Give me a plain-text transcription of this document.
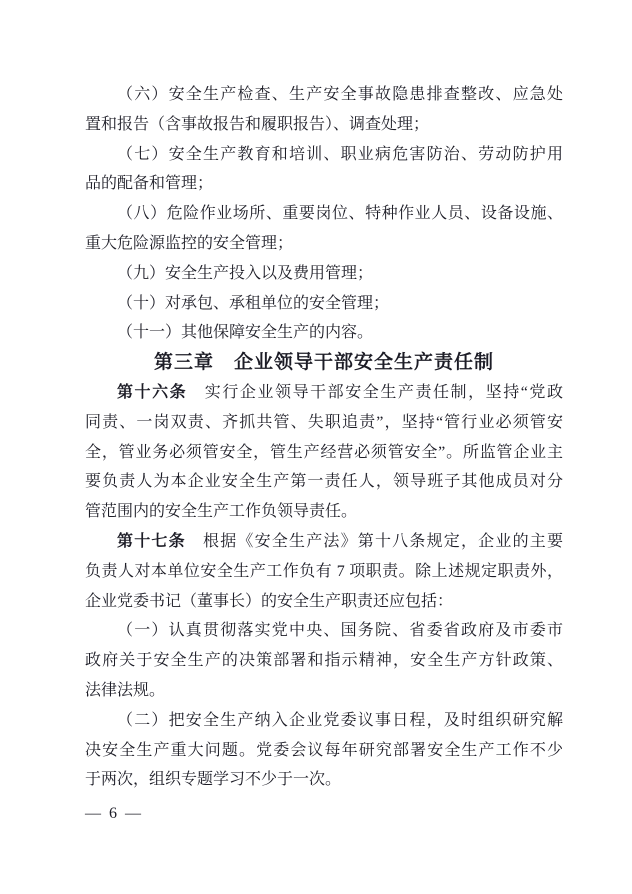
（六）安全生产检查、生产安全事故隐患排查整改、应急处
置和报告（含事故报告和履职报告）、调查处理；
（七）安全生产教育和培训、职业病危害防治、劳动防护用
品的配备和管理；
（八）危险作业场所、重要岗位、特种作业人员、设备设施、
重大危险源监控的安全管理；
（九）安全生产投入以及费用管理；
（十）对承包、承租单位的安全管理；
（十一）其他保障安全生产的内容。
第三章　企业领导干部安全生产责任制
第十六条　实行企业领导干部安全生产责任制，坚持“党政
同责、一岗双责、齐抓共管、失职追责”，坚持“管行业必须管安
全，管业务必须管安全，管生产经营必须管安全”。所监管企业主
要负责人为本企业安全生产第一责任人，领导班子其他成员对分
管范围内的安全生产工作负领导责任。
第十七条　根据《安全生产法》第十八条规定，企业的主要
负责人对本单位安全生产工作负有 7 项职责。除上述规定职责外，
企业党委书记（董事长）的安全生产职责还应包括：
（一）认真贯彻落实党中央、国务院、省委省政府及市委市
政府关于安全生产的决策部署和指示精神，安全生产方针政策、
法律法规。
（二）把安全生产纳入企业党委议事日程，及时组织研究解
决安全生产重大问题。党委会议每年研究部署安全生产工作不少
于两次，组织专题学习不少于一次。
— 6 —
